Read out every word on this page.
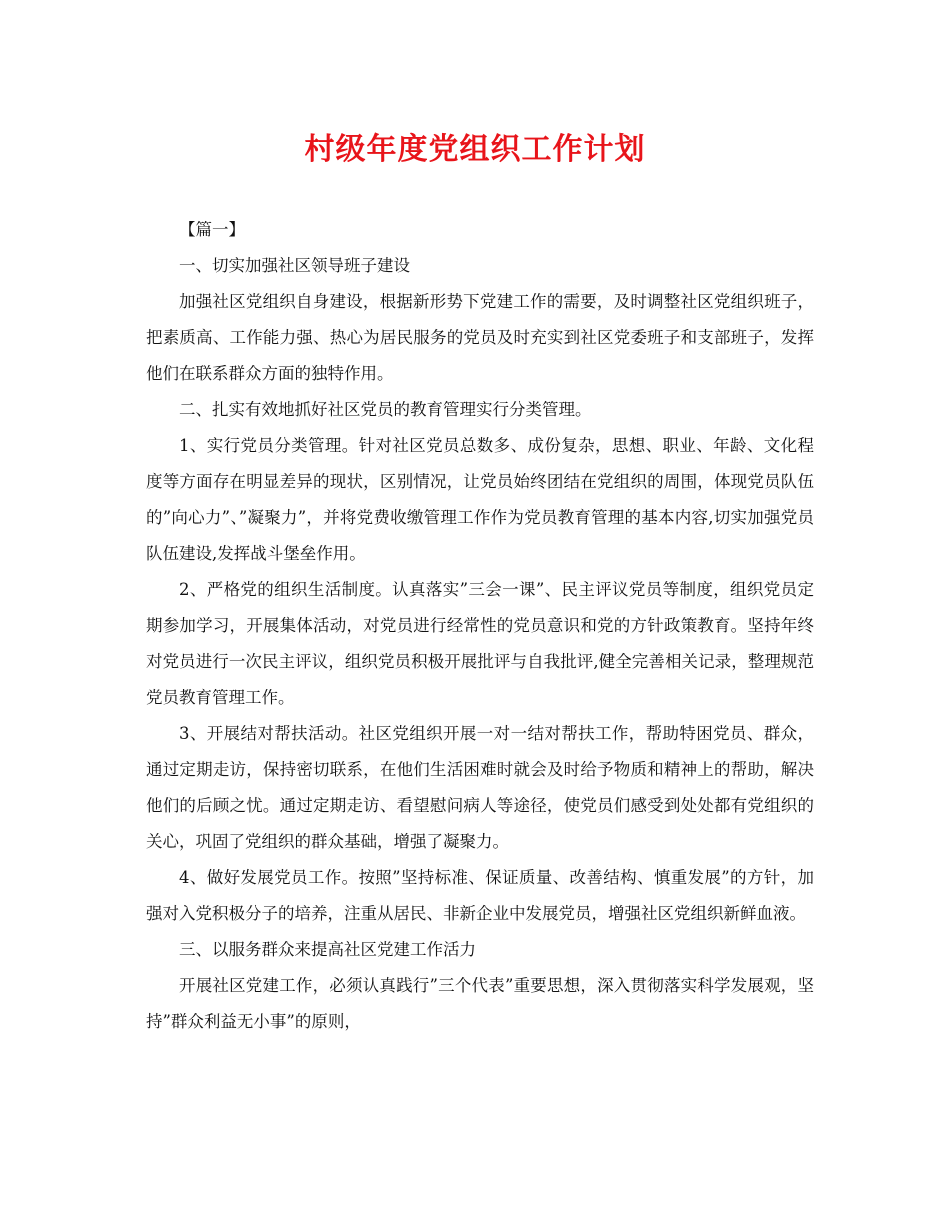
村级年度党组织工作计划

【篇一】

一、切实加强社区领导班子建设

加强社区党组织自身建设，根据新形势下党建工作的需要，及时调整社区党组织班子，把素质高、工作能力强、热心为居民服务的党员及时充实到社区党委班子和支部班子，发挥他们在联系群众方面的独特作用。

二、扎实有效地抓好社区党员的教育管理实行分类管理。

1、实行党员分类管理。针对社区党员总数多、成份复杂，思想、职业、年龄、文化程度等方面存在明显差异的现状，区别情况，让党员始终团结在党组织的周围，体现党员队伍的”向心力”、”凝聚力”，并将党费收缴管理工作作为党员教育管理的基本内容,切实加强党员队伍建设,发挥战斗堡垒作用。

2、严格党的组织生活制度。认真落实”三会一课”、民主评议党员等制度，组织党员定期参加学习，开展集体活动，对党员进行经常性的党员意识和党的方针政策教育。坚持年终对党员进行一次民主评议，组织党员积极开展批评与自我批评,健全完善相关记录，整理规范党员教育管理工作。

3、开展结对帮扶活动。社区党组织开展一对一结对帮扶工作，帮助特困党员、群众，通过定期走访，保持密切联系，在他们生活困难时就会及时给予物质和精神上的帮助，解决他们的后顾之忧。通过定期走访、看望慰问病人等途径，使党员们感受到处处都有党组织的关心，巩固了党组织的群众基础，增强了凝聚力。

4、做好发展党员工作。按照”坚持标准、保证质量、改善结构、慎重发展”的方针，加强对入党积极分子的培养，注重从居民、非新企业中发展党员，增强社区党组织新鲜血液。

三、以服务群众来提高社区党建工作活力

开展社区党建工作，必须认真践行”三个代表”重要思想，深入贯彻落实科学发展观，坚持”群众利益无小事”的原则，
